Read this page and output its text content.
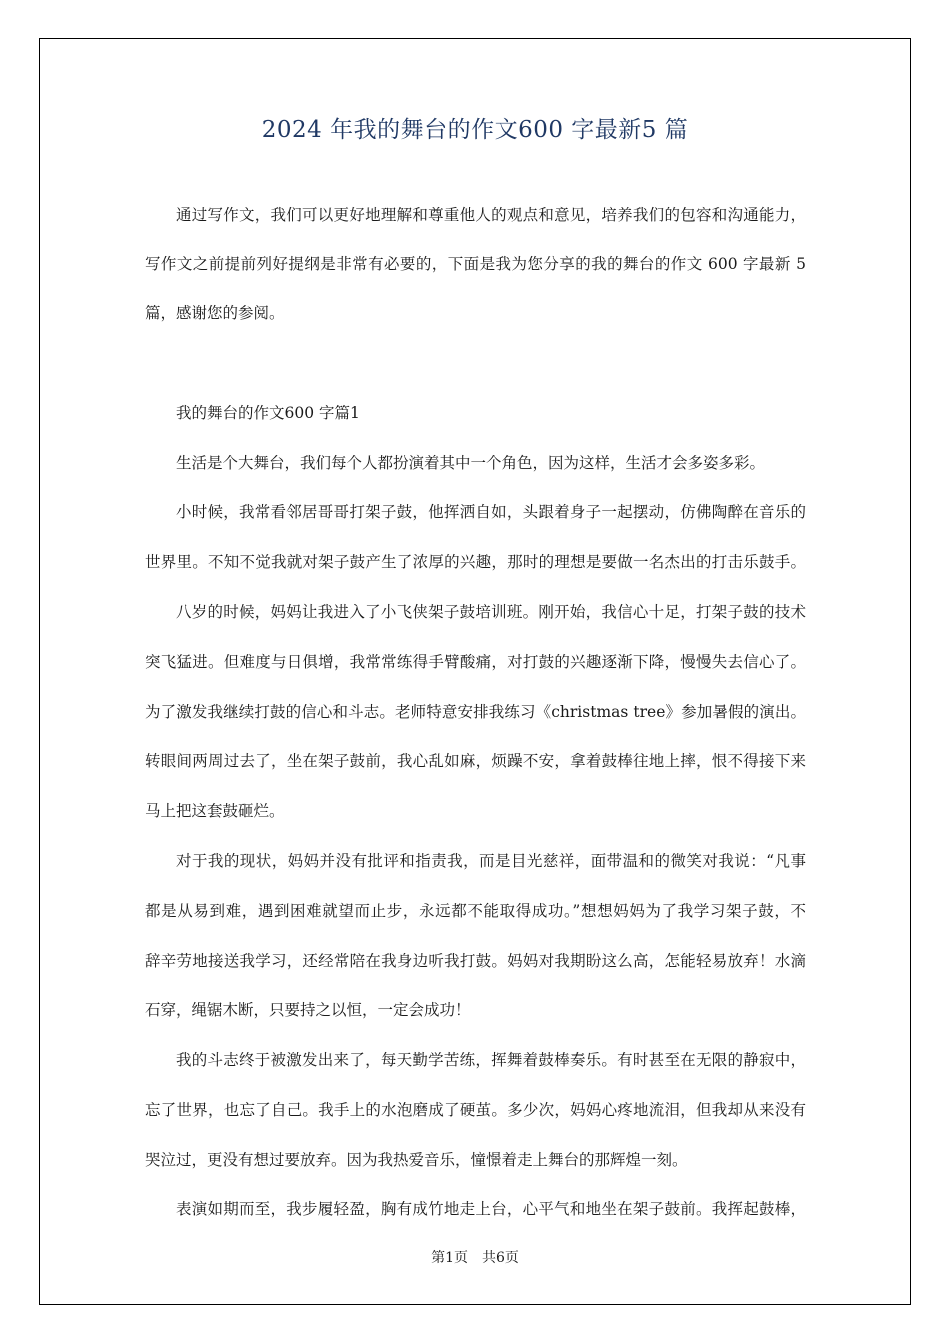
2024 年我的舞台的作文600 字最新5 篇
通过写作文，我们可以更好地理解和尊重他人的观点和意见，培养我们的包容和沟通能力，
写作文之前提前列好提纲是非常有必要的，下面是我为您分享的我的舞台的作文 600 字最新 5
篇，感谢您的参阅。
我的舞台的作文600 字篇1
生活是个大舞台，我们每个人都扮演着其中一个角色，因为这样，生活才会多姿多彩。
小时候，我常看邻居哥哥打架子鼓，他挥洒自如，头跟着身子一起摆动，仿佛陶醉在音乐的
世界里。不知不觉我就对架子鼓产生了浓厚的兴趣，那时的理想是要做一名杰出的打击乐鼓手。
八岁的时候，妈妈让我进入了小飞侠架子鼓培训班。刚开始，我信心十足，打架子鼓的技术
突飞猛进。但难度与日俱增，我常常练得手臂酸痛，对打鼓的兴趣逐渐下降，慢慢失去信心了。
为了激发我继续打鼓的信心和斗志。老师特意安排我练习《christmas tree》参加暑假的演出。
转眼间两周过去了，坐在架子鼓前，我心乱如麻，烦躁不安，拿着鼓棒往地上摔，恨不得接下来
马上把这套鼓砸烂。
对于我的现状，妈妈并没有批评和指责我，而是目光慈祥，面带温和的微笑对我说：“凡事
都是从易到难，遇到困难就望而止步，永远都不能取得成功。”想想妈妈为了我学习架子鼓，不
辞辛劳地接送我学习，还经常陪在我身边听我打鼓。妈妈对我期盼这么高，怎能轻易放弃！水滴
石穿，绳锯木断，只要持之以恒，一定会成功！
我的斗志终于被激发出来了，每天勤学苦练，挥舞着鼓棒奏乐。有时甚至在无限的静寂中，
忘了世界，也忘了自己。我手上的水泡磨成了硬茧。多少次，妈妈心疼地流泪，但我却从来没有
哭泣过，更没有想过要放弃。因为我热爱音乐，憧憬着走上舞台的那辉煌一刻。
表演如期而至，我步履轻盈，胸有成竹地走上台，心平气和地坐在架子鼓前。我挥起鼓棒，
第1页　共6页
